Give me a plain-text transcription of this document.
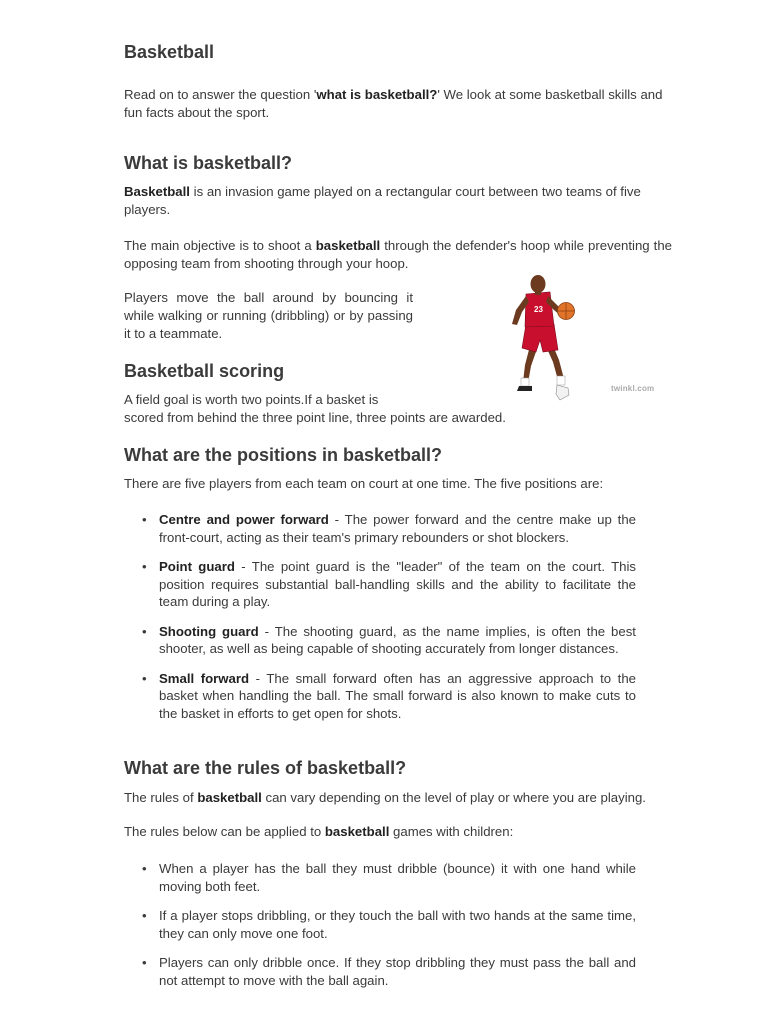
Basketball

Read on to answer the question 'what is basketball?' We look at some basketball skills and fun facts about the sport.

What is basketball?

Basketball is an invasion game played on a rectangular court between two teams of five players.

The main objective is to shoot a basketball through the defender's hoop while preventing the opposing team from shooting through your hoop.

Players move the ball around by bouncing it while walking or running (dribbling) or by passing it to a teammate.

Basketball scoring

A field goal is worth two points.If a basket is
scored from behind the three point line, three points are awarded.

What are the positions in basketball?

There are five players from each team on court at one time. The five positions are:

• Centre and power forward - The power forward and the centre make up the front-court, acting as their team's primary rebounders or shot blockers.
• Point guard - The point guard is the "leader" of the team on the court. This position requires substantial ball-handling skills and the ability to facilitate the team during a play.
• Shooting guard - The shooting guard, as the name implies, is often the best shooter, as well as being capable of shooting accurately from longer distances.
• Small forward - The small forward often has an aggressive approach to the basket when handling the ball. The small forward is also known to make cuts to the basket in efforts to get open for shots.
What are the rules of basketball?

The rules of basketball can vary depending on the level of play or where you are playing.

The rules below can be applied to basketball games with children:

• When a player has the ball they must dribble (bounce) it with one hand while moving both feet.
• If a player stops dribbling, or they touch the ball with two hands at the same time, they can only move one foot.
• Players can only dribble once. If they stop dribbling they must pass the ball and not attempt to move with the ball again.
23
twinkl.com
